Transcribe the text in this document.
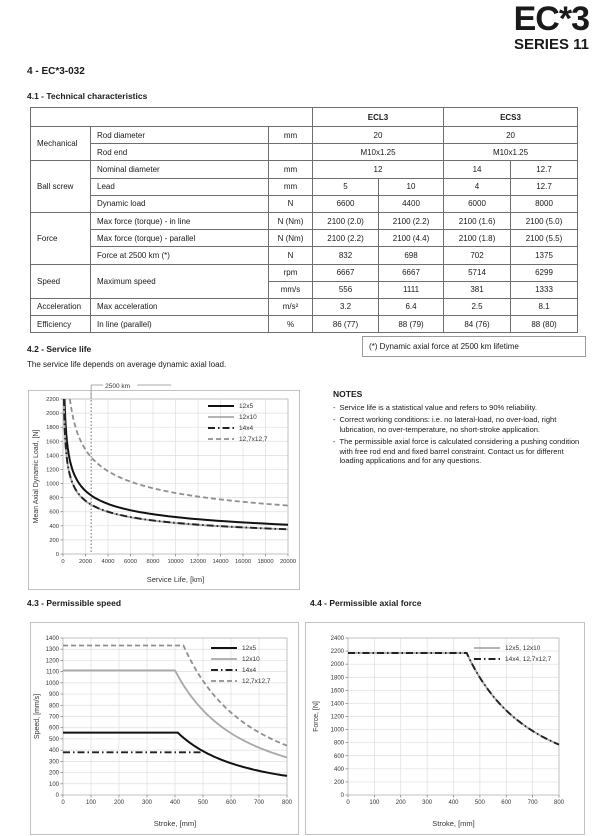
EC*3
SERIES 11
4 - EC*3-032
4.1 - Technical characteristics
			ECL3		ECS3	
Mechanical	Rod diameter	mm	20		20	
	Rod end		M10x1.25		M10x1.25	
Ball screw	Nominal diameter	mm	12		14	12.7
	Lead	mm	5	10	4	12.7
	Dynamic load	N	6600	4400	6000	8000
Force	Max force (torque) - in line	N (Nm)	2100 (2.0)	2100 (2.2)	2100 (1.6)	2100 (5.0)
	Max force (torque) - parallel	N (Nm)	2100 (2.2)	2100 (4.4)	2100 (1.8)	2100 (5.5)
	Force at 2500 km (*)	N	832	698	702	1375
Speed	Maximum speed	rpm	6667	6667	5714	6299
		mm/s	556	1111	381	1333
Acceleration	Max acceleration	m/s²	3.2	6.4	2.5	8.1
Efficiency	In line (parallel)	%	86 (77)	88 (79)	84 (76)	88 (80)
4.2 - Service life
The service life depends on average dynamic axial load.
(*) Dynamic axial force at 2500 km lifetime
0 2000 4000 6000 8000 10000 12000 14000 16000 18000 20000
0
200
400
600
800
1000
1200
1400
1600
1800
2000
2200
Service Life, [km]
Mean Axial Dynamic Load, [N]
2500 km
12x5
12x10
14x4
12,7x12,7
NOTES
- Service life is a statistical value and refers to 90% reliability.
- Correct working conditions: i.e. no lateral-load, no over-load, right lubrication, no over-temperature, no short-stroke application.
- The permissible axial force is calculated considering a pushing condition with free rod end and fixed barrel constraint. Contact us for different loading applications and for any questions.
4.3 - Permissible speed	4.4 - Permissible axial force
0	100	200	300	400	500	600	700	800
0
100
200
300
400
500
600
700
800
900
1000
1100
1200
1300
1400
Stroke, [mm]
Speed, [mm/s]
12x5
12x10
14x4
12,7x12,7
0	100	200	300	400	500	600	700	800
0
200
400
600
800
1000
1200
1400
1600
1800
2000
2200
2400
Stroke, [mm]
Force, [N]
12x5, 12x10
14x4, 12,7x12,7
